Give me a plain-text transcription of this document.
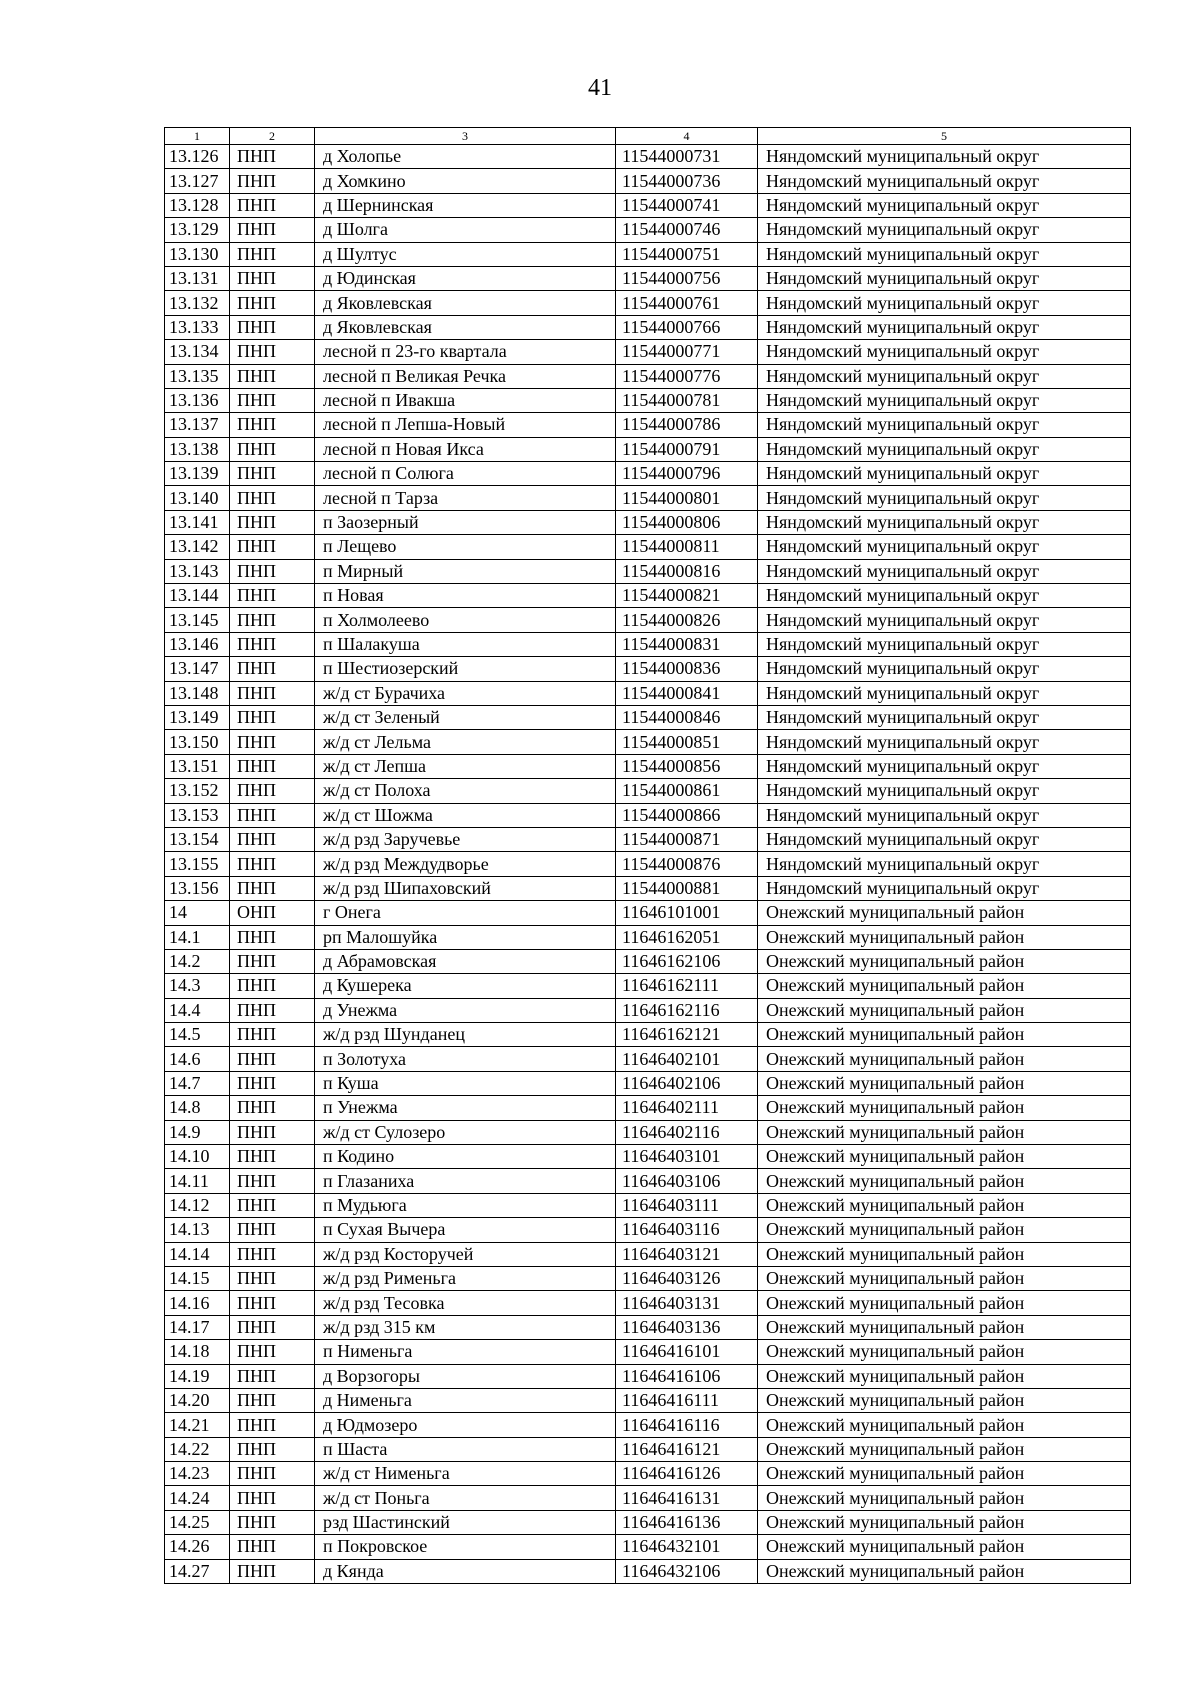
41
1	2	3	4	5
13.126	ПНП	д Холопье	11544000731	Няндомский муниципальный округ
13.127	ПНП	д Хомкино	11544000736	Няндомский муниципальный округ
13.128	ПНП	д Шернинская	11544000741	Няндомский муниципальный округ
13.129	ПНП	д Шолга	11544000746	Няндомский муниципальный округ
13.130	ПНП	д Шултус	11544000751	Няндомский муниципальный округ
13.131	ПНП	д Юдинская	11544000756	Няндомский муниципальный округ
13.132	ПНП	д Яковлевская	11544000761	Няндомский муниципальный округ
13.133	ПНП	д Яковлевская	11544000766	Няндомский муниципальный округ
13.134	ПНП	лесной п 23-го квартала	11544000771	Няндомский муниципальный округ
13.135	ПНП	лесной п Великая Речка	11544000776	Няндомский муниципальный округ
13.136	ПНП	лесной п Ивакша	11544000781	Няндомский муниципальный округ
13.137	ПНП	лесной п Лепша-Новый	11544000786	Няндомский муниципальный округ
13.138	ПНП	лесной п Новая Икса	11544000791	Няндомский муниципальный округ
13.139	ПНП	лесной п Солюга	11544000796	Няндомский муниципальный округ
13.140	ПНП	лесной п Тарза	11544000801	Няндомский муниципальный округ
13.141	ПНП	п Заозерный	11544000806	Няндомский муниципальный округ
13.142	ПНП	п Лещево	11544000811	Няндомский муниципальный округ
13.143	ПНП	п Мирный	11544000816	Няндомский муниципальный округ
13.144	ПНП	п Новая	11544000821	Няндомский муниципальный округ
13.145	ПНП	п Холмолеево	11544000826	Няндомский муниципальный округ
13.146	ПНП	п Шалакуша	11544000831	Няндомский муниципальный округ
13.147	ПНП	п Шестиозерский	11544000836	Няндомский муниципальный округ
13.148	ПНП	ж/д ст Бурачиха	11544000841	Няндомский муниципальный округ
13.149	ПНП	ж/д ст Зеленый	11544000846	Няндомский муниципальный округ
13.150	ПНП	ж/д ст Лельма	11544000851	Няндомский муниципальный округ
13.151	ПНП	ж/д ст Лепша	11544000856	Няндомский муниципальный округ
13.152	ПНП	ж/д ст Полоха	11544000861	Няндомский муниципальный округ
13.153	ПНП	ж/д ст Шожма	11544000866	Няндомский муниципальный округ
13.154	ПНП	ж/д рзд Заручевье	11544000871	Няндомский муниципальный округ
13.155	ПНП	ж/д рзд Междудворье	11544000876	Няндомский муниципальный округ
13.156	ПНП	ж/д рзд Шипаховский	11544000881	Няндомский муниципальный округ
14	ОНП	г Онега	11646101001	Онежский муниципальный район
14.1	ПНП	рп Малошуйка	11646162051	Онежский муниципальный район
14.2	ПНП	д Абрамовская	11646162106	Онежский муниципальный район
14.3	ПНП	д Кушерека	11646162111	Онежский муниципальный район
14.4	ПНП	д Унежма	11646162116	Онежский муниципальный район
14.5	ПНП	ж/д рзд Шунданец	11646162121	Онежский муниципальный район
14.6	ПНП	п Золотуха	11646402101	Онежский муниципальный район
14.7	ПНП	п Куша	11646402106	Онежский муниципальный район
14.8	ПНП	п Унежма	11646402111	Онежский муниципальный район
14.9	ПНП	ж/д ст Сулозеро	11646402116	Онежский муниципальный район
14.10	ПНП	п Кодино	11646403101	Онежский муниципальный район
14.11	ПНП	п Глазаниха	11646403106	Онежский муниципальный район
14.12	ПНП	п Мудьюга	11646403111	Онежский муниципальный район
14.13	ПНП	п Сухая Вычера	11646403116	Онежский муниципальный район
14.14	ПНП	ж/д рзд Косторучей	11646403121	Онежский муниципальный район
14.15	ПНП	ж/д рзд Рименьга	11646403126	Онежский муниципальный район
14.16	ПНП	ж/д рзд Тесовка	11646403131	Онежский муниципальный район
14.17	ПНП	ж/д рзд 315 км	11646403136	Онежский муниципальный район
14.18	ПНП	п Нименьга	11646416101	Онежский муниципальный район
14.19	ПНП	д Ворзогоры	11646416106	Онежский муниципальный район
14.20	ПНП	д Нименьга	11646416111	Онежский муниципальный район
14.21	ПНП	д Юдмозеро	11646416116	Онежский муниципальный район
14.22	ПНП	п Шаста	11646416121	Онежский муниципальный район
14.23	ПНП	ж/д ст Нименьга	11646416126	Онежский муниципальный район
14.24	ПНП	ж/д ст Поньга	11646416131	Онежский муниципальный район
14.25	ПНП	рзд Шастинский	11646416136	Онежский муниципальный район
14.26	ПНП	п Покровское	11646432101	Онежский муниципальный район
14.27	ПНП	д Кянда	11646432106	Онежский муниципальный район
